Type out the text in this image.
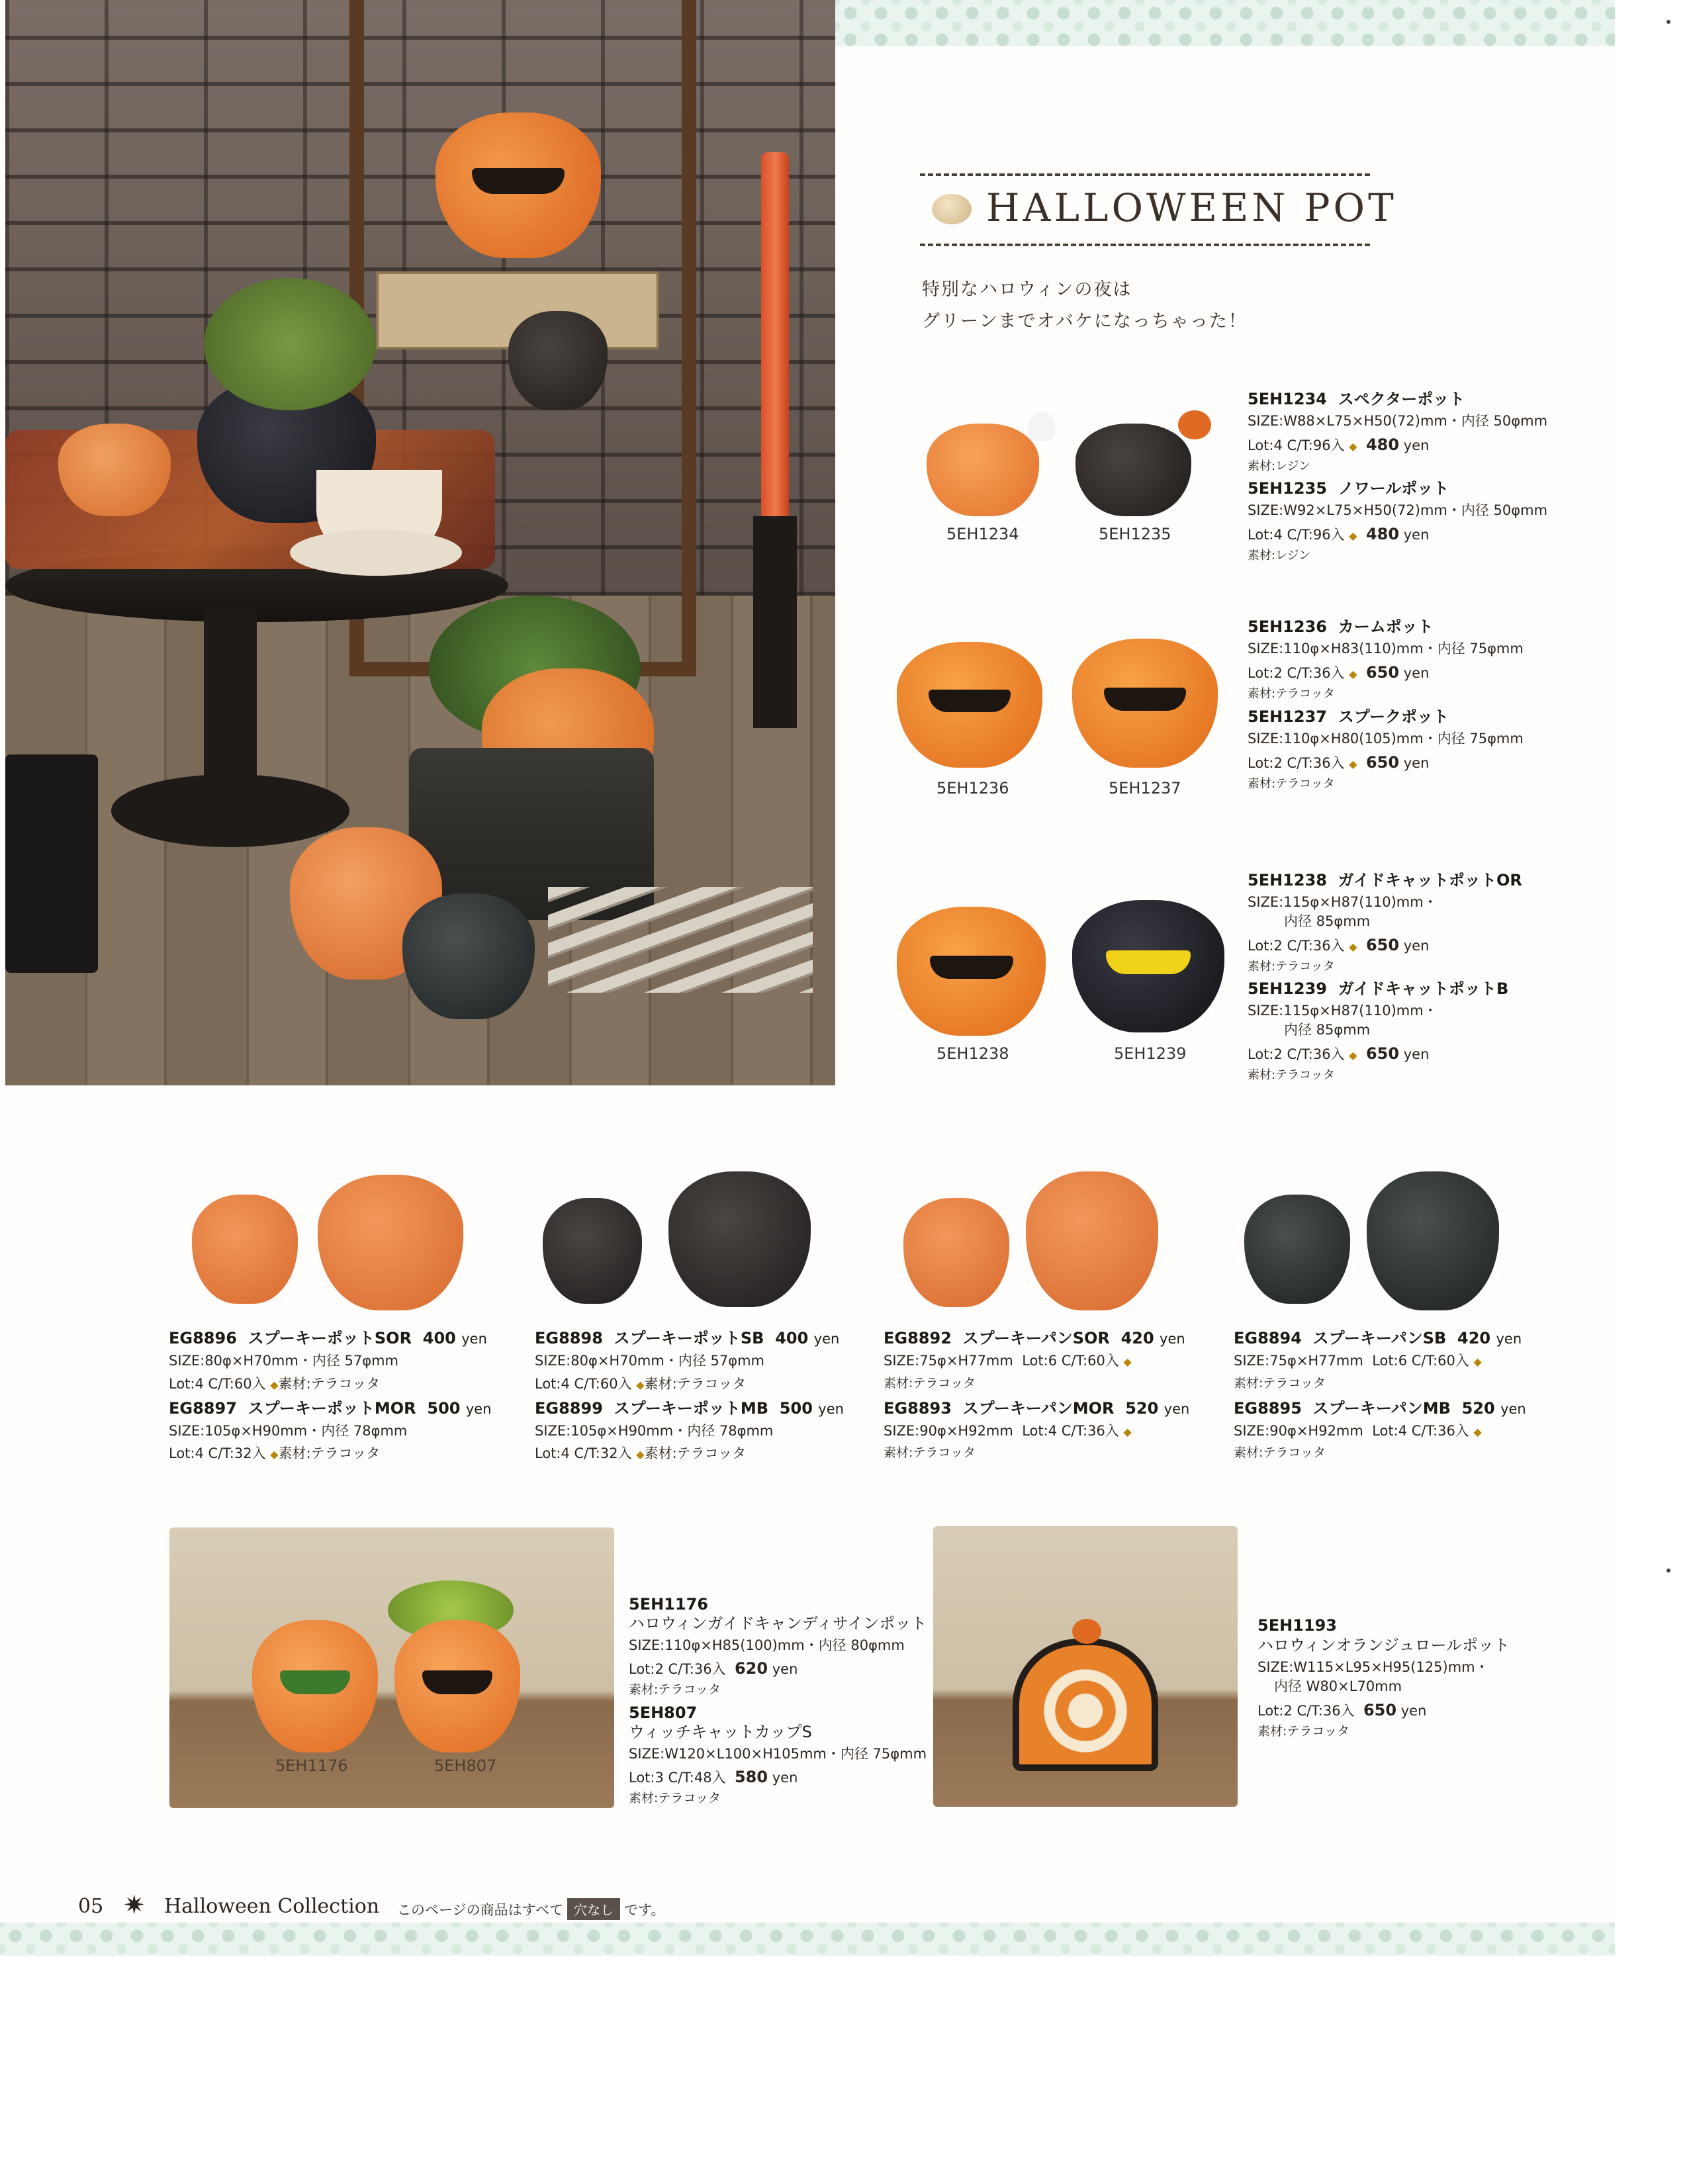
HALLOWEEN POT
特別なハロウィンの夜は
グリーンまでオバケになっちゃった！
5EH1234	5EH1235
5EH1234 スペクターポット
SIZE:W88×L75×H50(72)mm・内径 50φmm
Lot:4 C/T:96入 ◆ 480 yen
素材:レジン
5EH1235 ノワールポット
SIZE:W92×L75×H50(72)mm・内径 50φmm
Lot:4 C/T:96入 ◆ 480 yen
素材:レジン
5EH1236	5EH1237
5EH1236 カームポット
SIZE:110φ×H83(110)mm・内径 75φmm
Lot:2 C/T:36入 ◆ 650 yen
素材:テラコッタ
5EH1237 スプークポット
SIZE:110φ×H80(105)mm・内径 75φmm
Lot:2 C/T:36入 ◆ 650 yen
素材:テラコッタ
5EH1238	5EH1239
5EH1238 ガイドキャットポットOR
SIZE:115φ×H87(110)mm・
内径 85φmm
Lot:2 C/T:36入 ◆ 650 yen
素材:テラコッタ
5EH1239 ガイドキャットポットB
SIZE:115φ×H87(110)mm・
内径 85φmm
Lot:2 C/T:36入 ◆ 650 yen
素材:テラコッタ
EG8896 スプーキーポットSOR 400 yen
SIZE:80φ×H70mm・内径 57φmm
Lot:4 C/T:60入 ◆素材:テラコッタ
EG8897 スプーキーポットMOR 500 yen
SIZE:105φ×H90mm・内径 78φmm
Lot:4 C/T:32入 ◆素材:テラコッタ
EG8898 スプーキーポットSB 400 yen
SIZE:80φ×H70mm・内径 57φmm
Lot:4 C/T:60入 ◆素材:テラコッタ
EG8899 スプーキーポットMB 500 yen
SIZE:105φ×H90mm・内径 78φmm
Lot:4 C/T:32入 ◆素材:テラコッタ
EG8892 スプーキーパンSOR 420 yen
SIZE:75φ×H77mm Lot:6 C/T:60入 ◆
素材:テラコッタ
EG8893 スプーキーパンMOR 520 yen
SIZE:90φ×H92mm Lot:4 C/T:36入 ◆
素材:テラコッタ
EG8894 スプーキーパンSB 420 yen
SIZE:75φ×H77mm Lot:6 C/T:60入 ◆
素材:テラコッタ
EG8895 スプーキーパンMB 520 yen
SIZE:90φ×H92mm Lot:4 C/T:36入 ◆
素材:テラコッタ
5EH1176	5EH807
5EH1176
ハロウィンガイドキャンディサインポット
SIZE:110φ×H85(100)mm・内径 80φmm
Lot:2 C/T:36入 620 yen
素材:テラコッタ
5EH807
ウィッチキャットカップS
SIZE:W120×L100×H105mm・内径 75φmm
Lot:3 C/T:48入 580 yen
素材:テラコッタ
5EH1193
ハロウィンオランジュロールポット
SIZE:W115×L95×H95(125)mm・
内径 W80×L70mm
Lot:2 C/T:36入 650 yen
素材:テラコッタ
05 ✷ Halloween Collection このページの商品はすべて 穴なし です。
